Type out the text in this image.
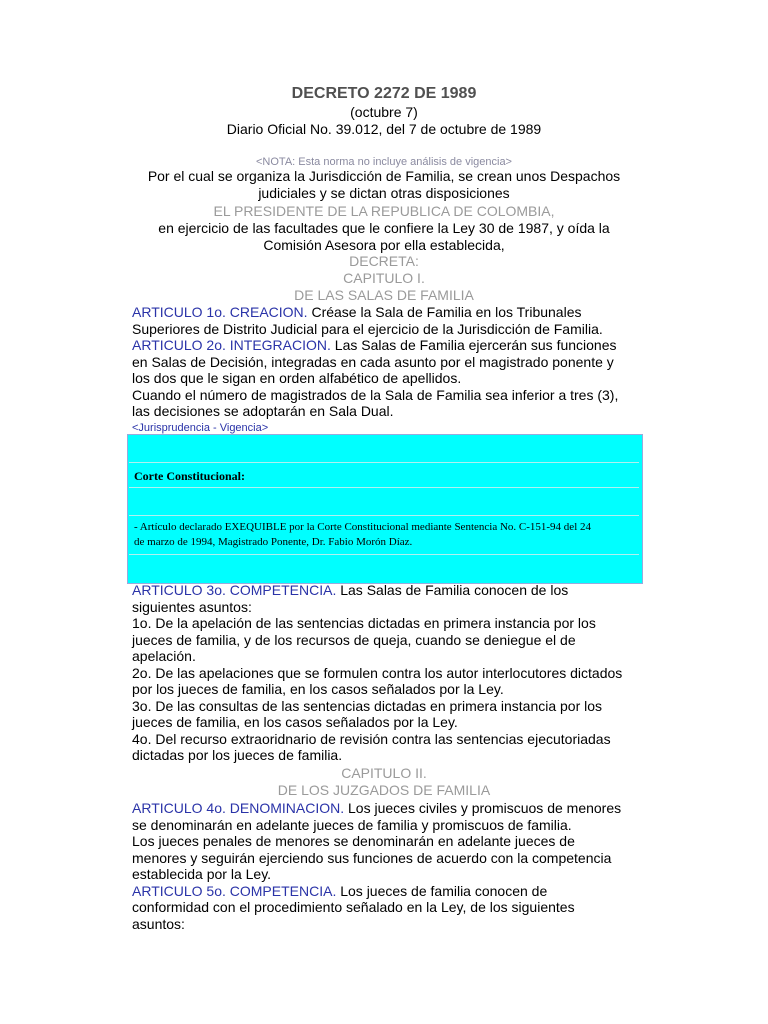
DECRETO 2272 DE 1989
(octubre 7)
Diario Oficial No. 39.012, del 7 de octubre de 1989
<NOTA: Esta norma no incluye análisis de vigencia>
Por el cual se organiza la Jurisdicción de Familia, se crean unos Despachos
judiciales y se dictan otras disposiciones
EL PRESIDENTE DE LA REPUBLICA DE COLOMBIA,
en ejercicio de las facultades que le confiere la Ley 30 de 1987, y oída la
Comisión Asesora por ella establecida,
DECRETA:
CAPITULO I.
DE LAS SALAS DE FAMILIA

ARTICULO 1o. CREACION. Créase la Sala de Familia en los Tribunales

Superiores de Distrito Judicial para el ejercicio de la Jurisdicción de Familia.

ARTICULO 2o. INTEGRACION. Las Salas de Familia ejercerán sus funciones

en Salas de Decisión, integradas en cada asunto por el magistrado ponente y

los dos que le sigan en orden alfabético de apellidos.

Cuando el número de magistrados de la Sala de Familia sea inferior a tres (3),

las decisiones se adoptarán en Sala Dual.

<Jurisprudencia - Vigencia>

Corte Constitucional:
- Artículo declarado EXEQUIBLE por la Corte Constitucional mediante Sentencia No. C-151-94 del 24
de marzo de 1994, Magistrado Ponente, Dr. Fabio Morón Díaz.

ARTICULO 3o. COMPETENCIA. Las Salas de Familia conocen de los

siguientes asuntos:

1o. De la apelación de las sentencias dictadas en primera instancia por los

jueces de familia, y de los recursos de queja, cuando se deniegue el de

apelación.

2o. De las apelaciones que se formulen contra los autor interlocutores dictados

por los jueces de familia, en los casos señalados por la Ley.

3o. De las consultas de las sentencias dictadas en primera instancia por los

jueces de familia, en los casos señalados por la Ley.

4o. Del recurso extraoridnario de revisión contra las sentencias ejecutoriadas

dictadas por los jueces de familia.

CAPITULO II.
DE LOS JUZGADOS DE FAMILIA

ARTICULO 4o. DENOMINACION. Los jueces civiles y promiscuos de menores

se denominarán en adelante jueces de familia y promiscuos de familia.

Los jueces penales de menores se denominarán en adelante jueces de

menores y seguirán ejerciendo sus funciones de acuerdo con la competencia

establecida por la Ley.

ARTICULO 5o. COMPETENCIA. Los jueces de familia conocen de

conformidad con el procedimiento señalado en la Ley, de los siguientes

asuntos:
